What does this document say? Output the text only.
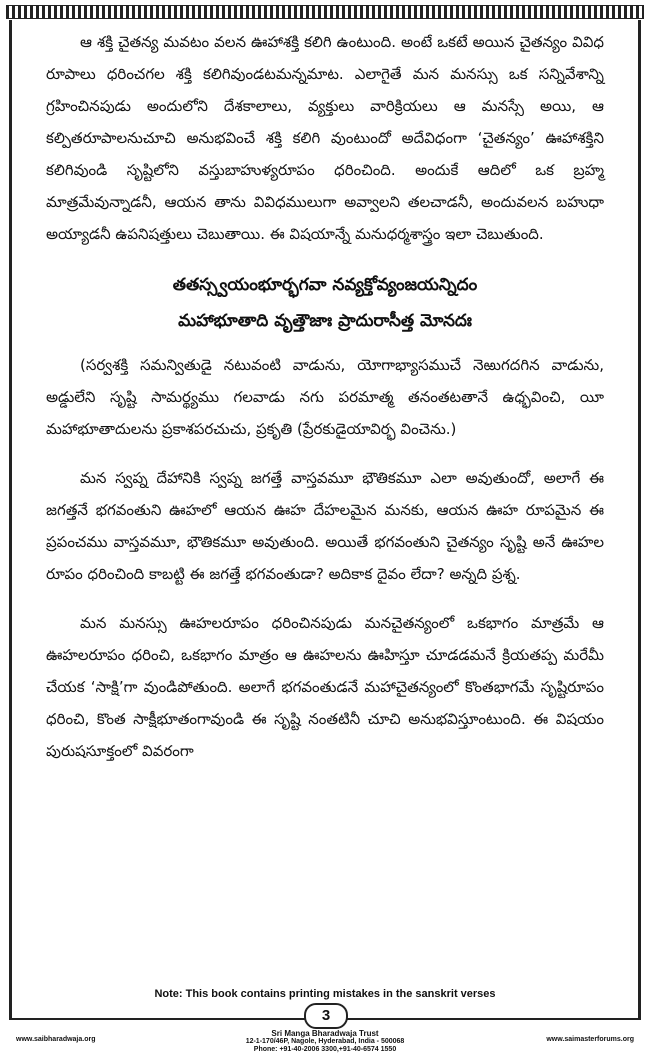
ఆ శక్తి చైతన్య మవటం వలన ఊహాశక్తి కలిగి ఉంటుంది. అంటే ఒకటే అయిన చైతన్యం వివిధ రూపాలు ధరించగల శక్తి కలిగివుండటమన్నమాట. ఎలాగైతే మన మనస్సు ఒక సన్నివేశాన్ని గ్రహించినపుడు అందులోని దేశకాలాలు, వ్యక్తులు వారిక్రియలు ఆ మనస్సే అయి, ఆ కల్పితరూపాలనుచూచి అనుభవించే శక్తి కలిగి వుంటుందో అదేవిధంగా ‘చైతన్యం’ ఊహాశక్తిని కలిగివుండి సృష్టిలోని వస్తుబాహుళ్యరూపం ధరించింది. అందుకే ఆదిలో ఒక బ్రహ్మ మాత్రమేవున్నాడనీ, ఆయన తాను వివిధములుగా అవ్వాలని తలచాడనీ, అందువలన బహుధా అయ్యాడనీ ఉపనిషత్తులు చెబుతాయి. ఈ విషయాన్నే మనుధర్మశాస్త్రం ఇలా చెబుతుంది.

తతస్స్వయంభూర్భగవా నవ్యక్తోవ్యంజయన్నిదం
మహాభూతాది వృత్తౌజాః ప్రాదురాసీత్త మోనదః

(సర్వశక్తి సమన్వితుడై నటువంటి వాడును, యోగాభ్యాసముచే నెఱుగదగిన వాడును, అడ్డులేని సృష్టి సామర్థ్యము గలవాడు నగు పరమాత్మ తనంతటతానే ఉధ్భవించి, యీ మహాభూతాదులను ప్రకాశపరచుచు, ప్రకృతి (ప్రేరకుడైయావిర్భ వించెను.)

మన స్వప్న దేహానికి స్వప్న జగత్తే వాస్తవమూ భౌతికమూ ఎలా అవుతుందో, అలాగే ఈ జగత్తనే భగవంతుని ఊహలో ఆయన ఊహ దేహలమైన మనకు, ఆయన ఊహ రూపమైన ఈ ప్రపంచము వాస్తవమూ, భౌతికమూ అవుతుంది. అయితే భగవంతుని చైతన్యం సృష్టి అనే ఊహల రూపం ధరించింది కాబట్టి ఈ జగత్తే భగవంతుడా? అదికాక దైవం లేదా? అన్నది ప్రశ్న.

మన మనస్సు ఊహలరూపం ధరించినపుడు మనచైతన్యంలో ఒకభాగం మాత్రమే ఆ ఊహలరూపం ధరించి, ఒకభాగం మాత్రం ఆ ఊహలను ఊహిస్తూ చూడడమనే క్రియతప్ప మరేమీ చేయక ‘సాక్షి’గా వుండిపోతుంది. అలాగే భగవంతుడనే మహాచైతన్యంలో కొంతభాగమే సృష్టిరూపం ధరించి, కొంత సాక్షీభూతంగావుండి ఈ సృష్టి నంతటినీ చూచి అనుభవిస్తూంటుంది. ఈ విషయం పురుషసూక్తంలో వివరంగా

Note: This book contains printing mistakes in the sanskrit verses
3
www.saibharadwaja.org
Sri Manga Bharadwaja Trust
12-1-170/46P, Nagole, Hyderabad, India - 500068
Phone: +91-40-2006 3300,+91-40-6574 1550
www.saimasterforums.org
